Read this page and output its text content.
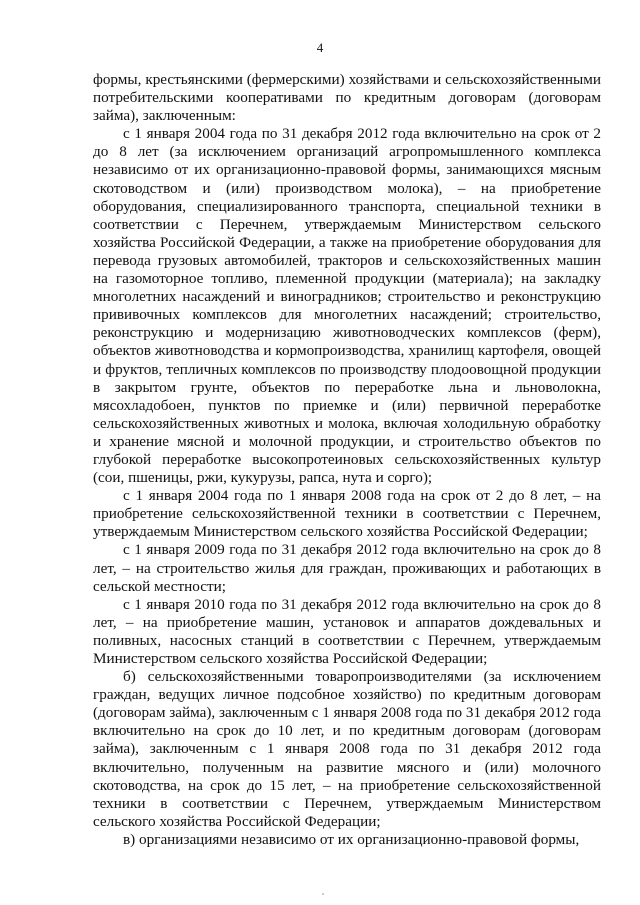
4

формы, крестьянскими (фермерскими) хозяйствами и сельскохозяйственными потребительскими кооперативами по кредитным договорам (договорам займа), заключенным:

с 1 января 2004 года по 31 декабря 2012 года включительно на срок от 2 до 8 лет (за исключением организаций агропромышленного комплекса независимо от их организационно-правовой формы, занимающихся мясным скотоводством и (или) производством молока), – на приобретение оборудования, специализированного транспорта, специальной техники в соответствии с Перечнем, утверждаемым Министерством сельского хозяйства Российской Федерации, а также на приобретение оборудования для перевода грузовых автомобилей, тракторов и сельскохозяйственных машин на газомоторное топливо, племенной продукции (материала); на закладку многолетних насаждений и виноградников; строительство и реконструкцию прививочных комплексов для многолетних насаждений; строительство, реконструкцию и модернизацию животноводческих комплексов (ферм), объектов животноводства и кормопроизводства, хранилищ картофеля, овощей и фруктов, тепличных комплексов по производству плодоовощной продукции в закрытом грунте, объектов по переработке льна и льноволокна, мясохладобоен, пунктов по приемке и (или) первичной переработке сельскохозяйственных животных и молока, включая холодильную обработку и хранение мясной и молочной продукции, и строительство объектов по глубокой переработке высокопротеиновых сельскохозяйственных культур (сои, пшеницы, ржи, кукурузы, рапса, нута и сорго);

с 1 января 2004 года по 1 января 2008 года на срок от 2 до 8 лет, – на приобретение сельскохозяйственной техники в соответствии с Перечнем, утверждаемым Министерством сельского хозяйства Российской Федерации;

с 1 января 2009 года по 31 декабря 2012 года включительно на срок до 8 лет, – на строительство жилья для граждан, проживающих и работающих в сельской местности;

с 1 января 2010 года по 31 декабря 2012 года включительно на срок до 8 лет, – на приобретение машин, установок и аппаратов дождевальных и поливных, насосных станций в соответствии с Перечнем, утверждаемым Министерством сельского хозяйства Российской Федерации;

б) сельскохозяйственными товаропроизводителями (за исключением граждан, ведущих личное подсобное хозяйство) по кредитным договорам (договорам займа), заключенным с 1 января 2008 года по 31 декабря 2012 года включительно на срок до 10 лет, и по кредитным договорам (договорам займа), заключенным с 1 января 2008 года по 31 декабря 2012 года включительно, полученным на развитие мясного и (или) молочного скотоводства, на срок до 15 лет, – на приобретение сельскохозяйственной техники в соответствии с Перечнем, утверждаемым Министерством сельского хозяйства Российской Федерации;

в) организациями независимо от их организационно-правовой формы,
